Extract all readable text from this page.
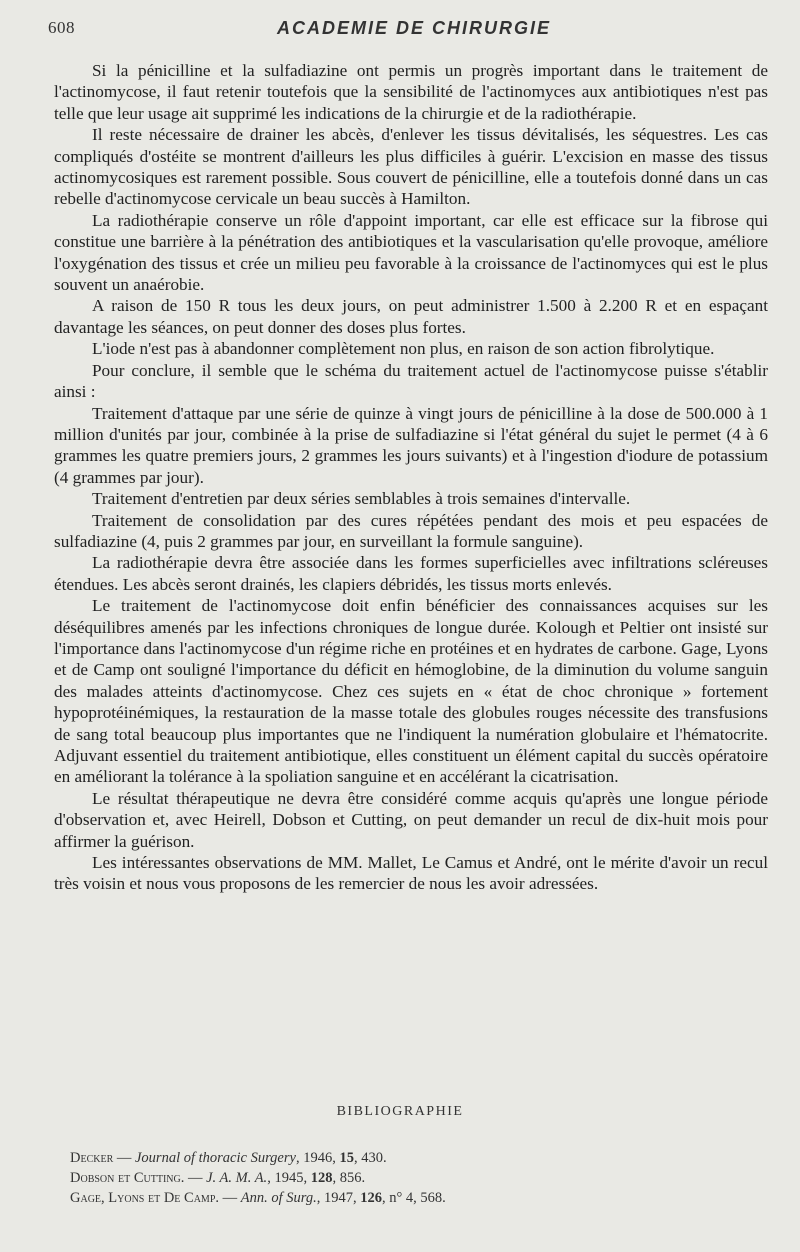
608	ACADEMIE DE CHIRURGIE

Si la pénicilline et la sulfadiazine ont permis un progrès important dans le traitement de l'actinomycose, il faut retenir toutefois que la sensibilité de l'actinomyces aux antibiotiques n'est pas telle que leur usage ait supprimé les indications de la chirurgie et de la radiothérapie.

Il reste nécessaire de drainer les abcès, d'enlever les tissus dévitalisés, les séquestres. Les cas compliqués d'ostéite se montrent d'ailleurs les plus difficiles à guérir. L'excision en masse des tissus actinomycosiques est rarement possible. Sous couvert de pénicilline, elle a toutefois donné dans un cas rebelle d'actinomycose cervicale un beau succès à Hamilton.

La radiothérapie conserve un rôle d'appoint important, car elle est efficace sur la fibrose qui constitue une barrière à la pénétration des antibiotiques et la vascularisation qu'elle provoque, améliore l'oxygénation des tissus et crée un milieu peu favorable à la croissance de l'actinomyces qui est le plus souvent un anaérobie.

A raison de 150 R tous les deux jours, on peut administrer 1.500 à 2.200 R et en espaçant davantage les séances, on peut donner des doses plus fortes.

L'iode n'est pas à abandonner complètement non plus, en raison de son action fibrolytique.

Pour conclure, il semble que le schéma du traitement actuel de l'actinomycose puisse s'établir ainsi :

Traitement d'attaque par une série de quinze à vingt jours de pénicilline à la dose de 500.000 à 1 million d'unités par jour, combinée à la prise de sulfadiazine si l'état général du sujet le permet (4 à 6 grammes les quatre premiers jours, 2 grammes les jours suivants) et à l'ingestion d'iodure de potassium (4 grammes par jour).

Traitement d'entretien par deux séries semblables à trois semaines d'intervalle.

Traitement de consolidation par des cures répétées pendant des mois et peu espacées de sulfadiazine (4, puis 2 grammes par jour, en surveillant la formule sanguine).

La radiothérapie devra être associée dans les formes superficielles avec infiltrations scléreuses étendues. Les abcès seront drainés, les clapiers débridés, les tissus morts enlevés.

Le traitement de l'actinomycose doit enfin bénéficier des connaissances acquises sur les déséquilibres amenés par les infections chroniques de longue durée. Kolough et Peltier ont insisté sur l'importance dans l'actinomycose d'un régime riche en protéines et en hydrates de carbone. Gage, Lyons et de Camp ont souligné l'importance du déficit en hémoglobine, de la diminution du volume sanguin des malades atteints d'actinomycose. Chez ces sujets en « état de choc chronique » fortement hypoprotéinémiques, la restauration de la masse totale des globules rouges nécessite des transfusions de sang total beaucoup plus importantes que ne l'indiquent la numération globulaire et l'hématocrite. Adjuvant essentiel du traitement antibiotique, elles constituent un élément capital du succès opératoire en améliorant la tolérance à la spoliation sanguine et en accélérant la cicatrisation.

Le résultat thérapeutique ne devra être considéré comme acquis qu'après une longue période d'observation et, avec Heirell, Dobson et Cutting, on peut demander un recul de dix-huit mois pour affirmer la guérison.

Les intéressantes observations de MM. Mallet, Le Camus et André, ont le mérite d'avoir un recul très voisin et nous vous proposons de les remercier de nous les avoir adressées.

BIBLIOGRAPHIE

Decker — Journal of thoracic Surgery, 1946, 15, 430.

Dobson et Cutting. — J. A. M. A., 1945, 128, 856.

Gage, Lyons et De Camp. — Ann. of Surg., 1947, 126, n° 4, 568.
